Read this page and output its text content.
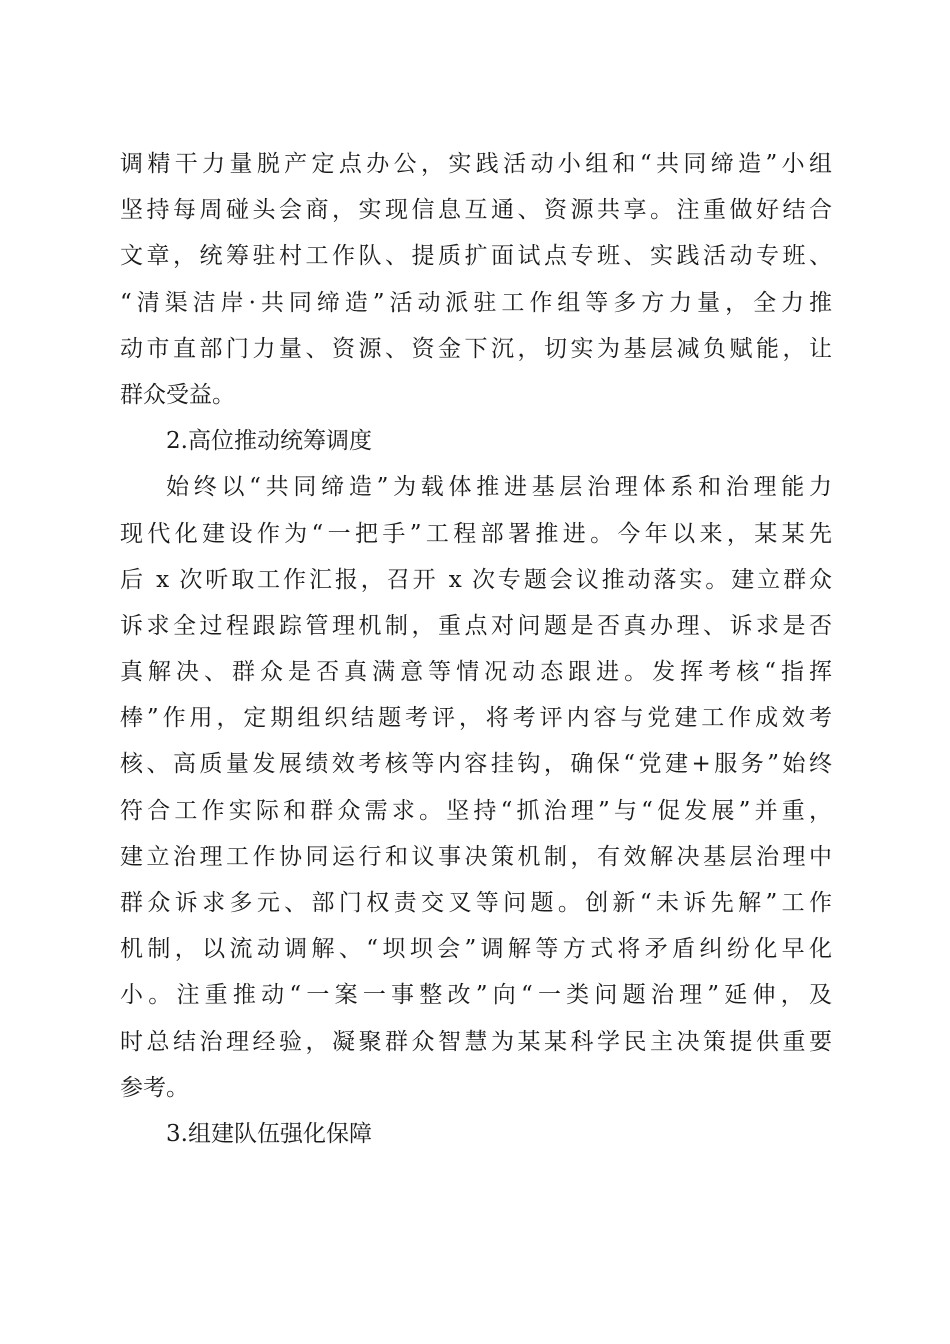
调精干力量脱产定点办公，实践活动小组和“共同缔造”小组
坚持每周碰头会商，实现信息互通、资源共享。注重做好结合
文章，统筹驻村工作队、提质扩面试点专班、实践活动专班、
“清渠洁岸·共同缔造”活动派驻工作组等多方力量，全力推
动市直部门力量、资源、资金下沉，切实为基层减负赋能，让
群众受益。
2.高位推动统筹调度
始终以“共同缔造”为载体推进基层治理体系和治理能力
现代化建设作为“一把手”工程部署推进。今年以来，某某先
后 x 次听取工作汇报，召开 x 次专题会议推动落实。建立群众
诉求全过程跟踪管理机制，重点对问题是否真办理、诉求是否
真解决、群众是否真满意等情况动态跟进。发挥考核“指挥
棒”作用，定期组织结题考评，将考评内容与党建工作成效考
核、高质量发展绩效考核等内容挂钩，确保“党建+服务”始终
符合工作实际和群众需求。坚持“抓治理”与“促发展”并重，
建立治理工作协同运行和议事决策机制，有效解决基层治理中
群众诉求多元、部门权责交叉等问题。创新“未诉先解”工作
机制，以流动调解、“坝坝会”调解等方式将矛盾纠纷化早化
小。注重推动“一案一事整改”向“一类问题治理”延伸，及
时总结治理经验，凝聚群众智慧为某某科学民主决策提供重要
参考。
3.组建队伍强化保障
